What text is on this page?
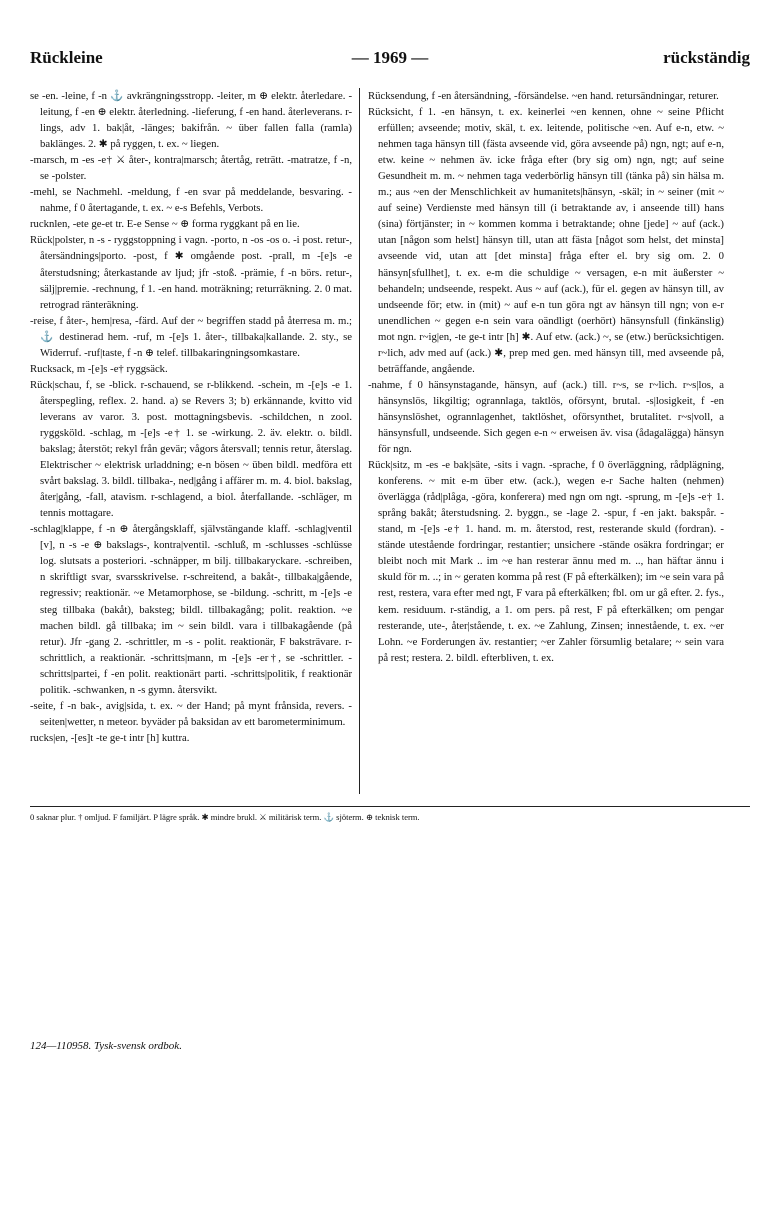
Rückleine	— 1969 —	rückständig

se -en. -leine, f -n ⚓ avkrängningsstropp. -leiter, m ⊕ elektr. återledare. -leitung, f -en ⊕ elektr. återledning. -lieferung, f -en hand. återleverans. r-lings, adv 1. bak|åt, -länges; bakifrån. ~ über fallen falla (ramla) baklänges. 2. ✱ på ryggen, t. ex. ~ liegen.

-marsch, m -es -e† ⚔ åter-, kontra|marsch; återtåg, reträtt. -matratze, f -n, se -polster.

-mehl, se Nachmehl. -meldung, f -en svar på meddelande, besvaring. -nahme, f 0 återtagande, t. ex. ~ e-s Befehls, Verbots.

rucknlen, -ete ge-et tr. E-e Sense ~ ⊕ forma ryggkant på en lie.

Rück|polster, n -s - ryggstoppning i vagn. -porto, n -os -os o. -i post. retur-, återsändnings|porto. -post, f ✱ omgående post. -prall, m -[e]s -e återstudsning; återkastande av ljud; jfr -stoß. -prämie, f -n börs. retur-, sälj|premie. -rechnung, f 1. -en hand. moträkning; returräkning. 2. 0 mat. retrograd ränteräkning.

-reise, f åter-, hem|resa, -färd. Auf der ~ begriffen stadd på återresa m. m.; ⚓ destinerad hem. -ruf, m -[e]s 1. åter-, tillbaka|kallande. 2. sty., se Widerruf. -ruf|taste, f -n ⊕ telef. tillbakaringningsomkastare.

Rucksack, m -[e]s -e† ryggsäck.

Rück|schau, f, se -blick. r-schauend, se r-blikkend. -schein, m -[e]s -e 1. återspegling, reflex. 2. hand. a) se Revers 3; b) erkännande, kvitto vid leverans av varor. 3. post. mottagningsbevis. -schildchen, n zool. ryggsköld. -schlag, m -[e]s -e† 1. se -wirkung. 2. äv. elektr. o. bildl. bakslag; återstöt; rekyl från gevär; vågors återsvall; tennis retur, återslag. Elektrischer ~ elektrisk urladdning; e-n bösen ~ üben bildl. medföra ett svårt bakslag. 3. bildl. tillbaka-, ned|gång i affärer m. m. 4. biol. bakslag, åter|gång, -fall, atavism. r-schlagend, a biol. återfallande. -schläger, m tennis mottagare.

-schlag|klappe, f -n ⊕ återgångsklaff, självstängande klaff. -schlag|ventil [v], n -s -e ⊕ bakslags-, kontra|ventil. -schluß, m -schlusses -schlüsse log. slutsats a posteriori. -schnäpper, m bilj. tillbakaryckare. -schreiben, n skriftligt svar, svarsskrivelse. r-schreitend, a bakåt-, tillbaka|gående, regressiv; reaktionär. ~e Metamorphose, se -bildung. -schritt, m -[e]s -e steg tillbaka (bakåt), baksteg; bildl. tillbakagång; polit. reaktion. ~e machen bildl. gå tillbaka; im ~ sein bildl. vara i tillbakagående (på retur). Jfr -gang 2. -schrittler, m -s - polit. reaktionär, F baksträvare. r-schrittlich, a reaktionär. -schritts|mann, m -[e]s -er†, se -schrittler. -schritts|partei, f -en polit. reaktionärt parti. -schritts|politik, f reaktionär politik. -schwanken, n -s gymn. återsvikt.

-seite, f -n bak-, avig|sida, t. ex. ~ der Hand; på mynt frånsida, revers. -seiten|wetter, n meteor. byväder på baksidan av ett barometerminimum.

rucks|en, -[es]t -te ge-t intr [h] kuttra.

Rücksendung, f -en återsändning, -försändelse. ~en hand. retursändningar, returer.

Rücksicht, f 1. -en hänsyn, t. ex. keinerlei ~en kennen, ohne ~ seine Pflicht erfüllen; avseende; motiv, skäl, t. ex. leitende, politische ~en. Auf e-n, etw. ~ nehmen taga hänsyn till (fästa avseende vid, göra avseende på) ngn, ngt; auf e-n, etw. keine ~ nehmen äv. icke fråga efter (bry sig om) ngn, ngt; auf seine Gesundheit m. m. ~ nehmen taga vederbörlig hänsyn till (tänka på) sin hälsa m. m.; aus ~en der Menschlichkeit av humanitets|hänsyn, -skäl; in ~ seiner (mit ~ auf seine) Verdienste med hänsyn till (i betraktande av, i anseende till) hans (sina) förtjänster; in ~ kommen komma i betraktande; ohne [jede] ~ auf (ack.) utan [någon som helst] hänsyn till, utan att fästa [något som helst, det minsta] avseende vid, utan att [det minsta] fråga efter el. bry sig om. 2. 0 hänsyn[sfullhet], t. ex. e-m die schuldige ~ versagen, e-n mit äußerster ~ behandeln; undseende, respekt. Aus ~ auf (ack.), für el. gegen av hänsyn till, av undseende för; etw. in (mit) ~ auf e-n tun göra ngt av hänsyn till ngn; von e-r unendlichen ~ gegen e-n sein vara oändligt (oerhört) hänsynsfull (finkänslig) mot ngn. r~ig|en, -te ge-t intr [h] ✱. Auf etw. (ack.) ~, se (etw.) berücksichtigen. r~lich, adv med auf (ack.) ✱, prep med gen. med hänsyn till, med avseende på, beträffande, angående.

-nahme, f 0 hänsynstagande, hänsyn, auf (ack.) till. r~s, se r~lich. r~s|los, a hänsynslös, likgiltig; ogrannlaga, taktlös, oförsynt, brutal. -s|losigkeit, f -en hänsynslöshet, ogrannlagenhet, taktlöshet, oförsynthet, brutalitet. r~s|voll, a hänsynsfull, undseende. Sich gegen e-n ~ erweisen äv. visa (ådagalägga) hänsyn för ngn.

Rück|sitz, m -es -e bak|säte, -sits i vagn. -sprache, f 0 överläggning, rådplägning, konferens. ~ mit e-m über etw. (ack.), wegen e-r Sache halten (nehmen) överlägga (råd|plåga, -göra, konferera) med ngn om ngt. -sprung, m -[e]s -e† 1. språng bakåt; återstudsning. 2. byggn., se -lage 2. -spur, f -en jakt. bakspår. -stand, m -[e]s -e† 1. hand. m. m. återstod, rest, resterande skuld (fordran). -stände utestående fordringar, restantier; unsichere -stände osäkra fordringar; er bleibt noch mit Mark .. im ~e han resterar ännu med m. .., han häftar ännu i skuld för m. ..; in ~ geraten komma på rest (F på efterkälken); im ~e sein vara på rest, restera, vara efter med ngt, F vara på efterkälken; fbl. om ur gå efter. 2. fys., kem. residuum. r-ständig, a 1. om pers. på rest, F på efterkälken; om pengar resterande, ute-, åter|stående, t. ex. ~e Zahlung, Zinsen; innestående, t. ex. ~er Lohn. ~e Forderungen äv. restantier; ~er Zahler försumlig betalare; ~ sein vara på rest; restera. 2. bildl. efterbliven, t. ex.

0 saknar plur. † omljud. F familjärt. P lägre språk. ✱ mindre brukl. ⚔ militärisk term. ⚓ sjöterm. ⊕ teknisk term.
124—110958. Tysk-svensk ordbok.
